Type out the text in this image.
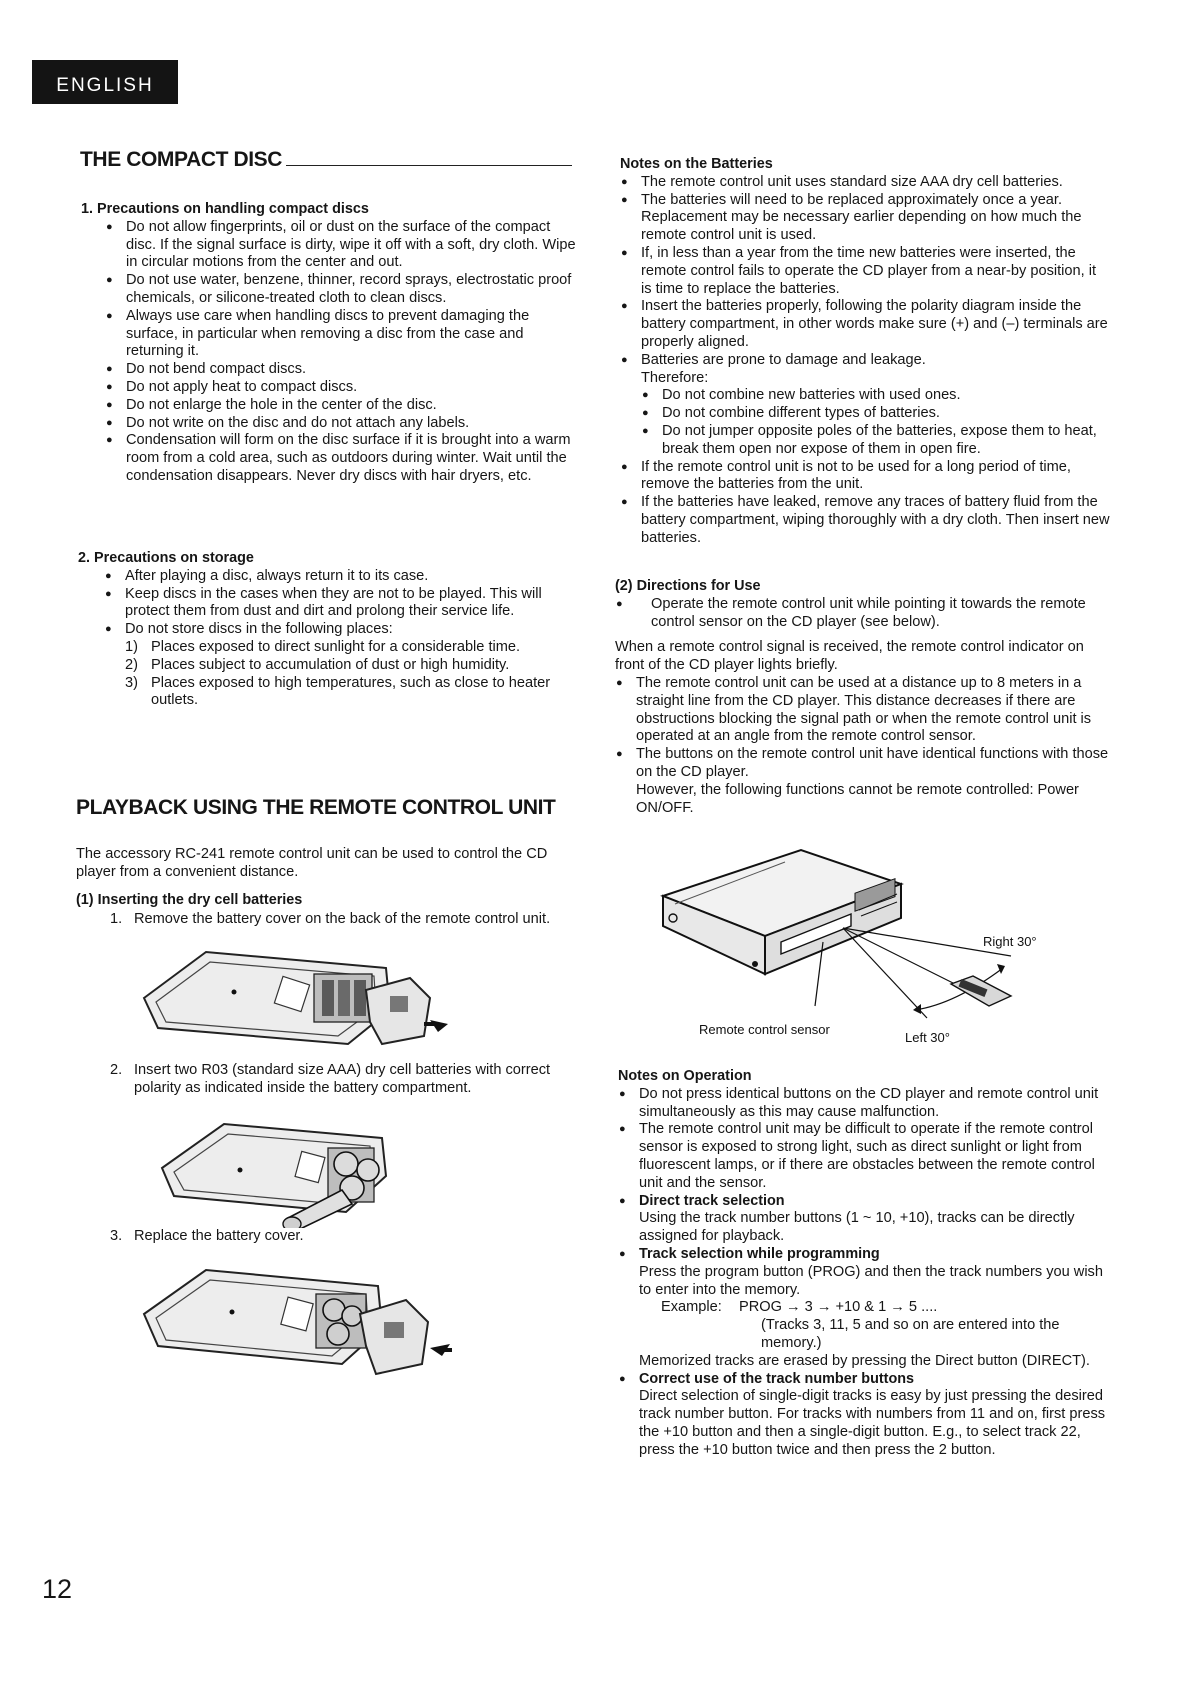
ENGLISH
THE COMPACT DISC
1. Precautions on handling compact discs
● Do not allow fingerprints, oil or dust on the surface of the compact disc. If the signal surface is dirty, wipe it off with a soft, dry cloth. Wipe in circular motions from the center and out.
● Do not use water, benzene, thinner, record sprays, electrostatic proof chemicals, or silicone-treated cloth to clean discs.
● Always use care when handling discs to prevent damaging the surface, in particular when removing a disc from the case and returning it.
● Do not bend compact discs.
● Do not apply heat to compact discs.
● Do not enlarge the hole in the center of the disc.
● Do not write on the disc and do not attach any labels.
● Condensation will form on the disc surface if it is brought into a warm room from a cold area, such as outdoors during winter. Wait until the condensation disappears. Never dry discs with hair dryers, etc.
2. Precautions on storage
● After playing a disc, always return it to its case.
● Keep discs in the cases when they are not to be played. This will protect them from dust and dirt and prolong their service life.
● Do not store discs in the following places:
1) Places exposed to direct sunlight for a considerable time.
2) Places subject to accumulation of dust or high humidity.
3) Places exposed to high temperatures, such as close to heater outlets.
PLAYBACK USING THE REMOTE CONTROL UNIT
The accessory RC-241 remote control unit can be used to control the CD player from a convenient distance.
(1) Inserting the dry cell batteries
1. Remove the battery cover on the back of the remote control unit.
2. Insert two R03 (standard size AAA) dry cell batteries with correct polarity as indicated inside the battery compartment.
3. Replace the battery cover.
12
Notes on the Batteries
● The remote control unit uses standard size AAA dry cell batteries.
● The batteries will need to be replaced approximately once a year. Replacement may be necessary earlier depending on how much the remote control unit is used.
● If, in less than a year from the time new batteries were inserted, the remote control fails to operate the CD player from a near-by position, it is time to replace the batteries.
● Insert the batteries properly, following the polarity diagram inside the battery compartment, in other words make sure (+) and (–) terminals are properly aligned.
● Batteries are prone to damage and leakage.
Therefore:
● Do not combine new batteries with used ones.
● Do not combine different types of batteries.
● Do not jumper opposite poles of the batteries, expose them to heat, break them open nor expose of them in open fire.
● If the remote control unit is not to be used for a long period of time, remove the batteries from the unit.
● If the batteries have leaked, remove any traces of battery fluid from the battery compartment, wiping thoroughly with a dry cloth. Then insert new batteries.
(2) Directions for Use
● Operate the remote control unit while pointing it towards the remote control sensor on the CD player (see below).
When a remote control signal is received, the remote control indicator on front of the CD player lights briefly.
● The remote control unit can be used at a distance up to 8 meters in a straight line from the CD player. This distance decreases if there are obstructions blocking the signal path or when the remote control unit is operated at an angle from the remote control sensor.
● The buttons on the remote control unit have identical functions with those on the CD player.
However, the following functions cannot be remote controlled: Power ON/OFF.
Right 30°
Left 30°
Remote control sensor
Notes on Operation
● Do not press identical buttons on the CD player and remote control unit simultaneously as this may cause malfunction.
● The remote control unit may be difficult to operate if the remote control sensor is exposed to strong light, such as direct sunlight or light from fluorescent lamps, or if there are obstacles between the remote control unit and the sensor.
● Direct track selection
Using the track number buttons (1 ~ 10, +10), tracks can be directly assigned for playback.
● Track selection while programming
Press the program button (PROG) and then the track numbers you wish to enter into the memory.
Example: PROG → 3 → +10 & 1 → 5 ....
(Tracks 3, 11, 5 and so on are entered into the memory.)
Memorized tracks are erased by pressing the Direct button (DIRECT).
● Correct use of the track number buttons
Direct selection of single-digit tracks is easy by just pressing the desired track number button. For tracks with numbers from 11 and on, first press the +10 button and then a single-digit button. E.g., to select track 22, press the +10 button twice and then press the 2 button.
